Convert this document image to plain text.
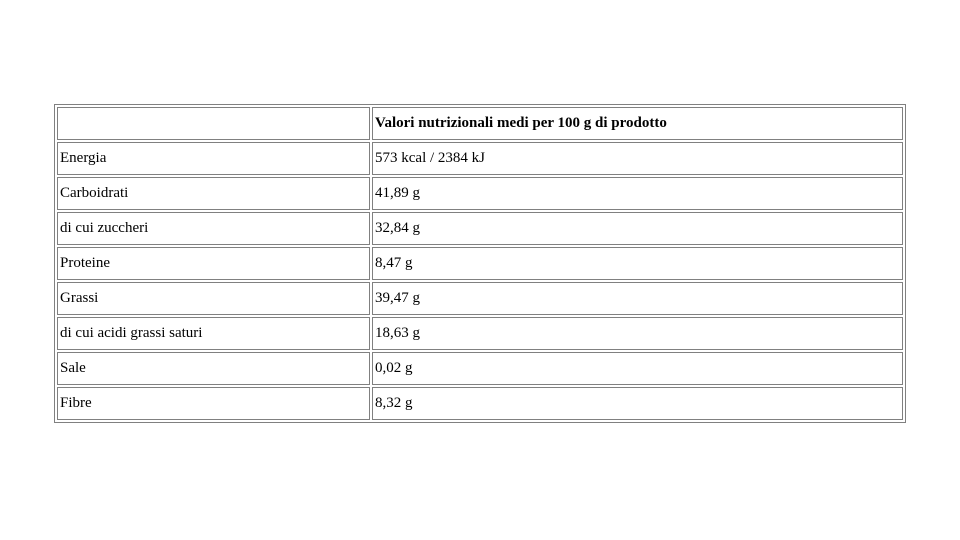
	Valori nutrizionali medi per 100 g di prodotto
Energia	573 kcal / 2384 kJ
Carboidrati	41,89 g
di cui zuccheri	32,84 g
Proteine	8,47 g
Grassi	39,47 g
di cui acidi grassi saturi	18,63 g
Sale	0,02 g
Fibre	8,32 g
